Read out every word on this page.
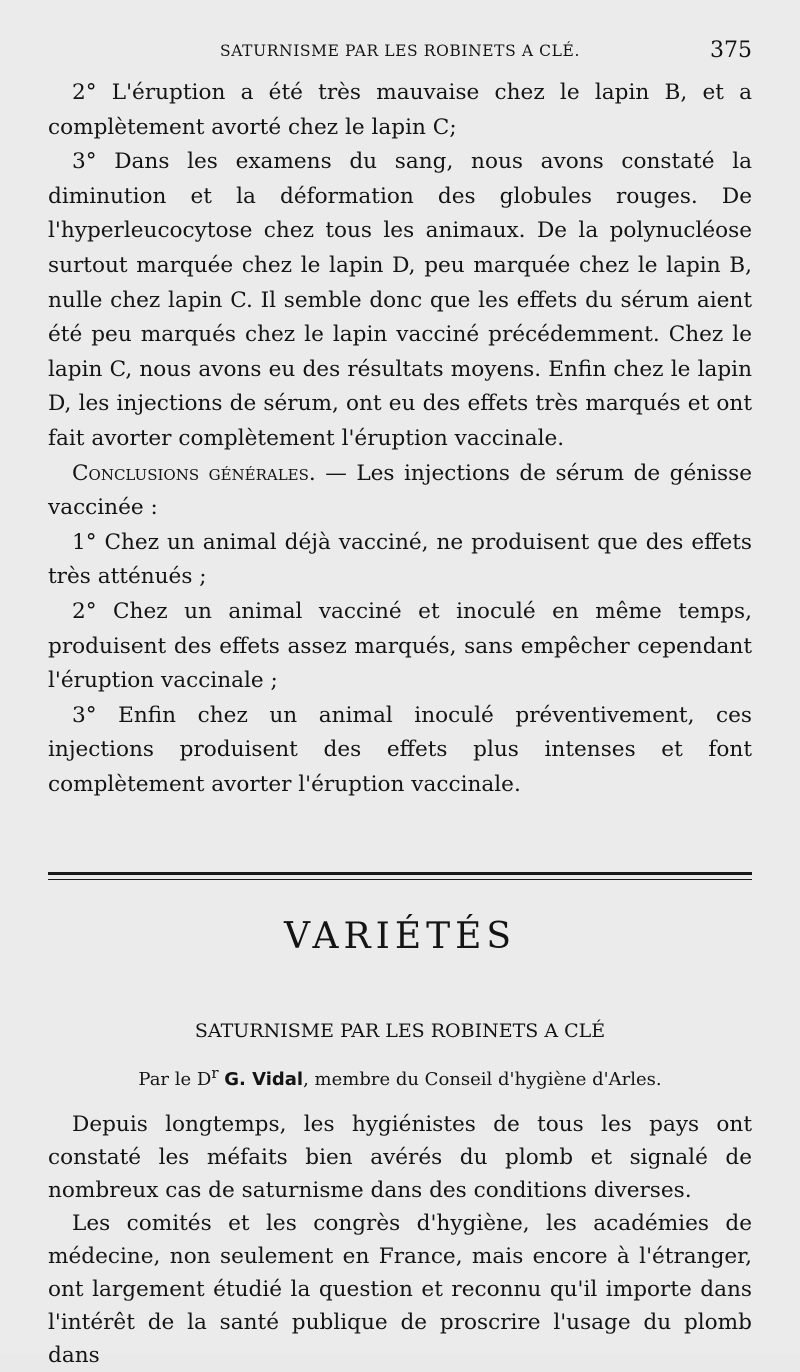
SATURNISME PAR LES ROBINETS A CLÉ.	375

2° L'éruption a été très mauvaise chez le lapin B, et a complètement avorté chez le lapin C;

3° Dans les examens du sang, nous avons constaté la diminution et la déformation des globules rouges. De l'hyperleucocytose chez tous les animaux. De la polynucléose surtout marquée chez le lapin D, peu marquée chez le lapin B, nulle chez lapin C. Il semble donc que les effets du sérum aient été peu marqués chez le lapin vacciné précédemment. Chez le lapin C, nous avons eu des résultats moyens. Enfin chez le lapin D, les injections de sérum, ont eu des effets très marqués et ont fait avorter complètement l'éruption vaccinale.

Conclusions générales. — Les injections de sérum de génisse vaccinée :

1° Chez un animal déjà vacciné, ne produisent que des effets très atténués ;

2° Chez un animal vacciné et inoculé en même temps, produisent des effets assez marqués, sans empêcher cependant l'éruption vaccinale ;

3° Enfin chez un animal inoculé préventivement, ces injections produisent des effets plus intenses et font complètement avorter l'éruption vaccinale.

VARIÉTÉS
SATURNISME PAR LES ROBINETS A CLÉ
Par le $D^r$ G. Vidal, membre du Conseil d'hygiène d'Arles.

Depuis longtemps, les hygiénistes de tous les pays ont constaté les méfaits bien avérés du plomb et signalé de nombreux cas de saturnisme dans des conditions diverses.

Les comités et les congrès d'hygiène, les académies de médecine, non seulement en France, mais encore à l'étranger, ont largement étudié la question et reconnu qu'il importe dans l'intérêt de la santé publique de proscrire l'usage du plomb dans
